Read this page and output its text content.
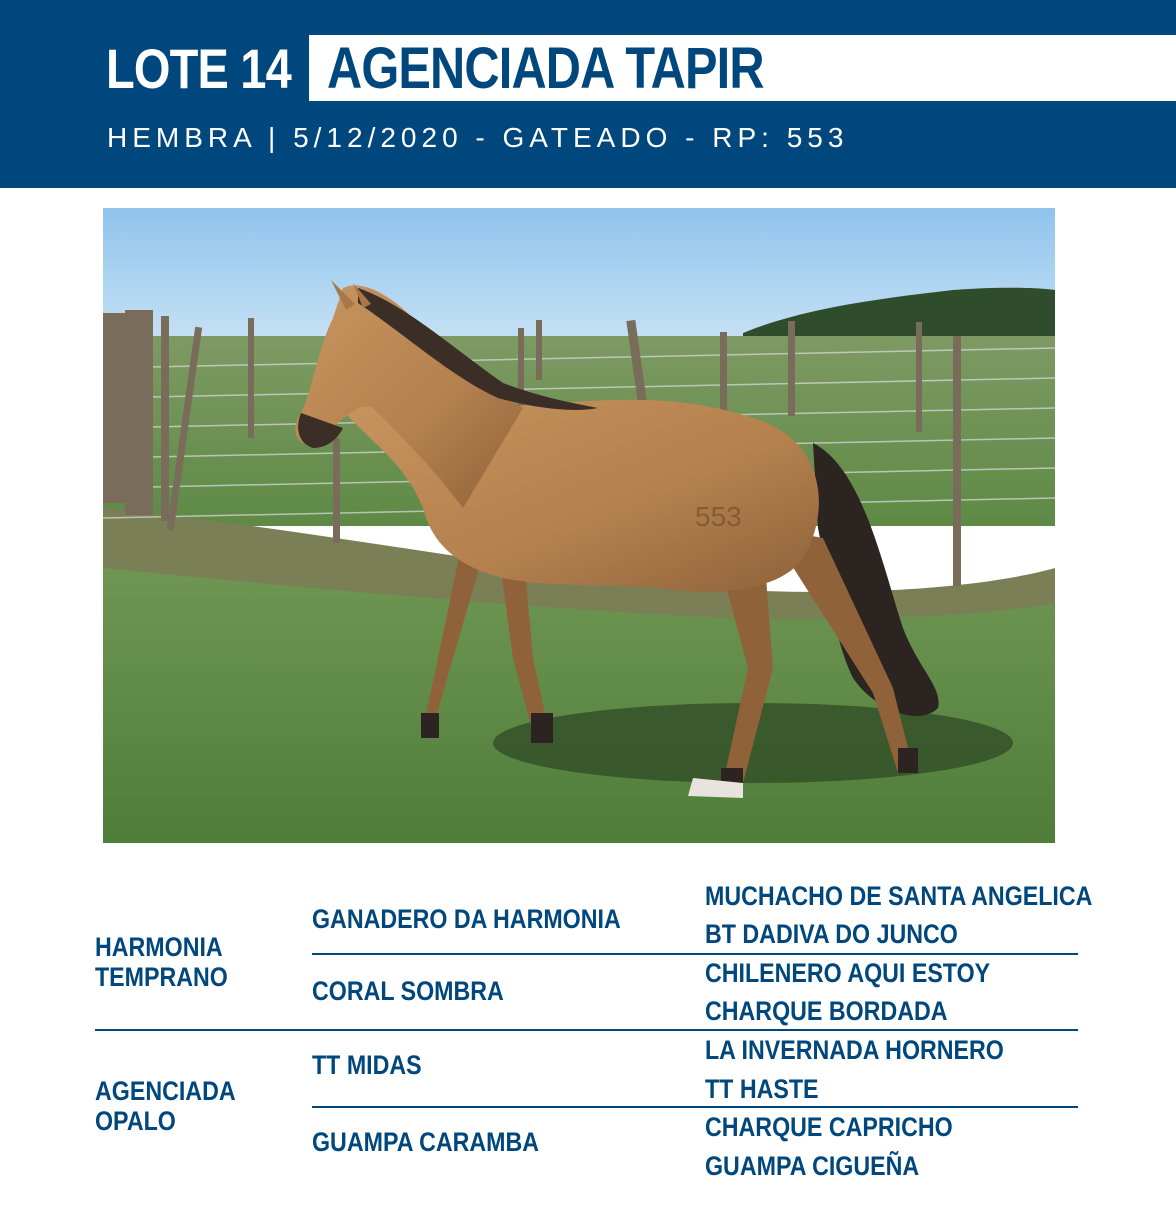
LOTE 14 AGENCIADA TAPIR
HEMBRA | 5/12/2020 - GATEADO - RP: 553
553
HARMONIA
TEMPRANO
AGENCIADA
OPALO
GANADERO DA HARMONIA
CORAL SOMBRA
TT MIDAS
GUAMPA CARAMBA
MUCHACHO DE SANTA ANGELICA
BT DADIVA DO JUNCO
CHILENERO AQUI ESTOY
CHARQUE BORDADA
LA INVERNADA HORNERO
TT HASTE
CHARQUE CAPRICHO
GUAMPA CIGUEÑA
